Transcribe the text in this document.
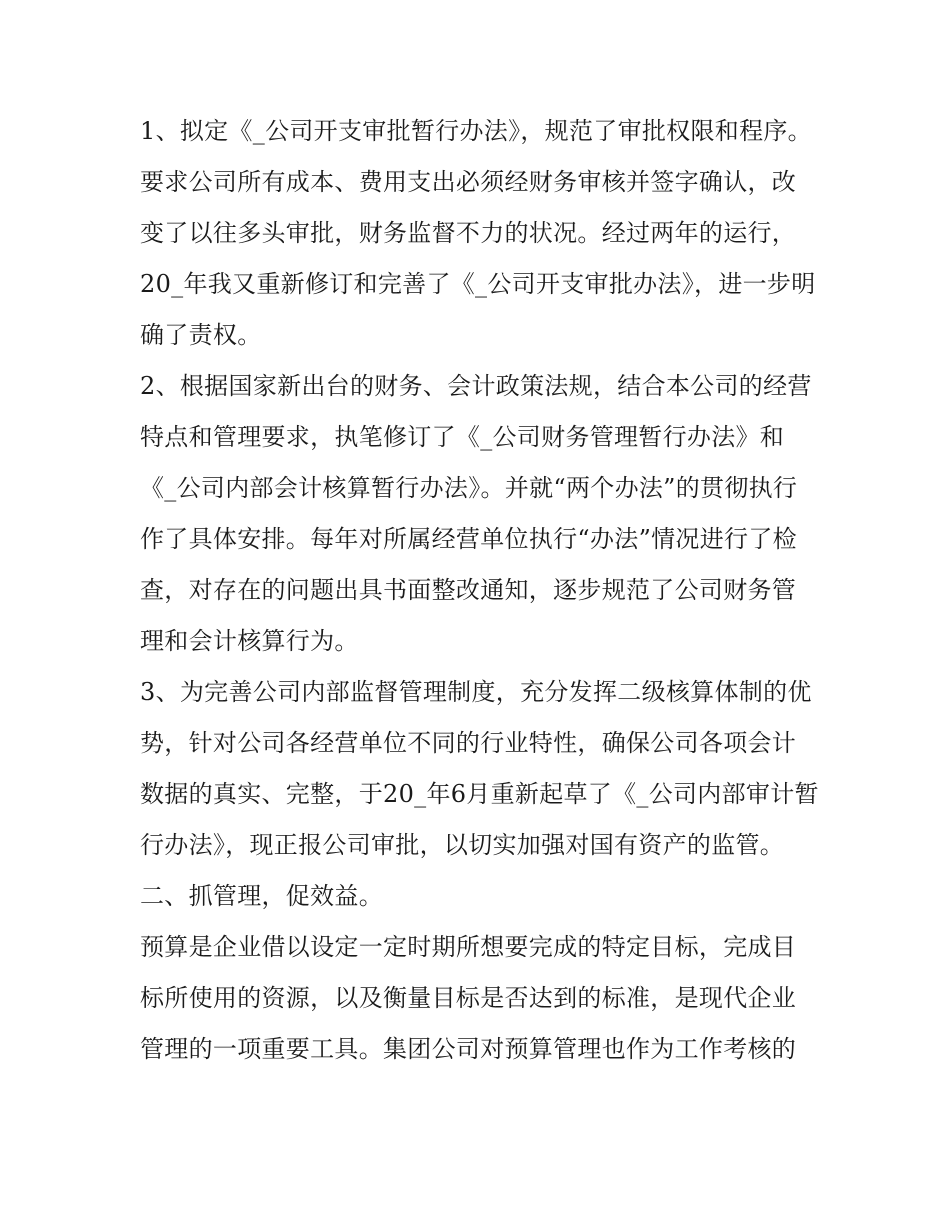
1、拟定《_公司开支审批暂行办法》，规范了审批权限和程序。要求公司所有成本、费用支出必须经财务审核并签字确认，改变了以往多头审批，财务监督不力的状况。经过两年的运行，20_年我又重新修订和完善了《_公司开支审批办法》，进一步明确了责权。

2、根据国家新出台的财务、会计政策法规，结合本公司的经营特点和管理要求，执笔修订了《_公司财务管理暂行办法》和《_公司内部会计核算暂行办法》。并就“两个办法”的贯彻执行作了具体安排。每年对所属经营单位执行“办法”情况进行了检查，对存在的问题出具书面整改通知，逐步规范了公司财务管理和会计核算行为。

3、为完善公司内部监督管理制度，充分发挥二级核算体制的优势，针对公司各经营单位不同的行业特性，确保公司各项会计数据的真实、完整，于20_年6月重新起草了《_公司内部审计暂行办法》，现正报公司审批，以切实加强对国有资产的监管。

二、抓管理，促效益。

预算是企业借以设定一定时期所想要完成的特定目标，完成目标所使用的资源，以及衡量目标是否达到的标准，是现代企业管理的一项重要工具。集团公司对预算管理也作为工作考核的
